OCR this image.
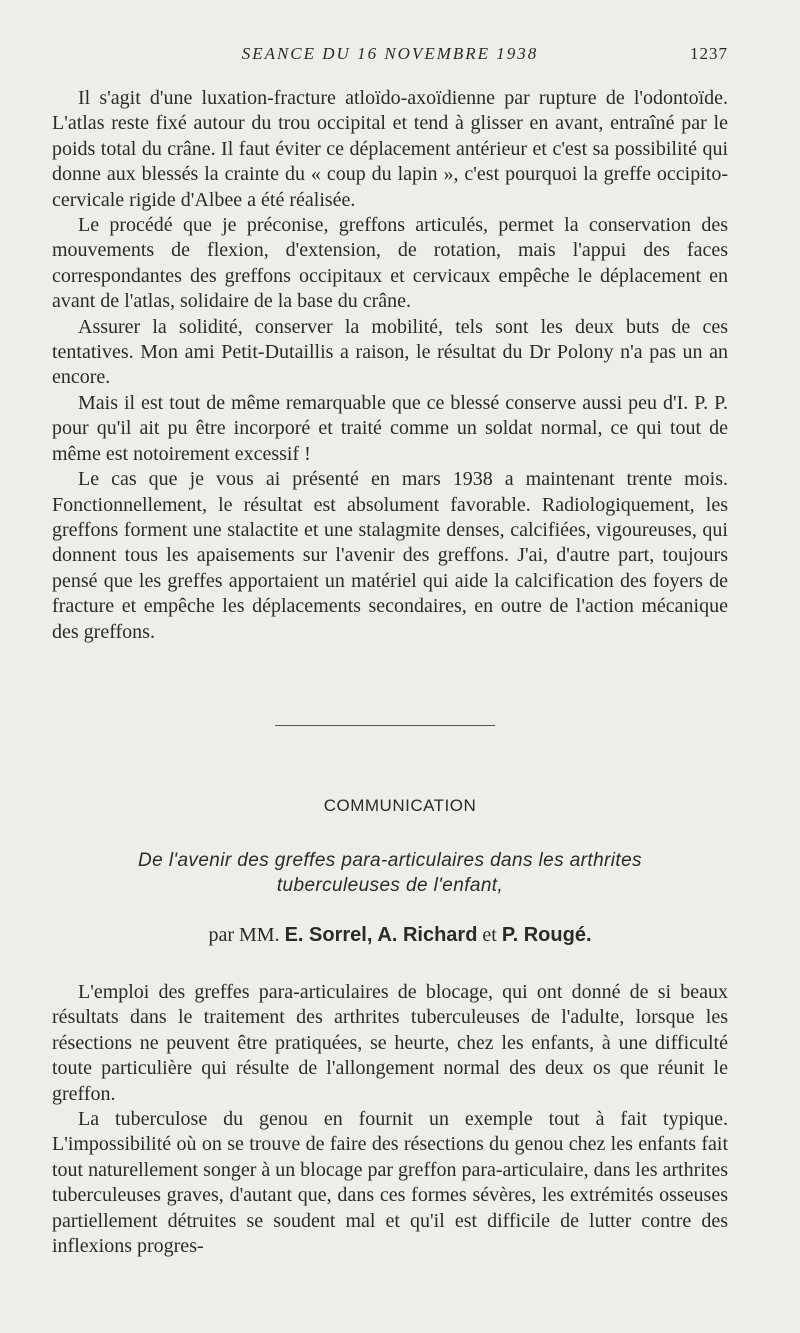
SEANCE DU 16 NOVEMBRE 1938	1237

Il s'agit d'une luxation-fracture atloïdo-axoïdienne par rupture de l'odontoïde. L'atlas reste fixé autour du trou occipital et tend à glisser en avant, entraîné par le poids total du crâne. Il faut éviter ce déplacement antérieur et c'est sa possibilité qui donne aux blessés la crainte du « coup du lapin », c'est pourquoi la greffe occipito-cervicale rigide d'Albee a été réalisée.

Le procédé que je préconise, greffons articulés, permet la conservation des mouvements de flexion, d'extension, de rotation, mais l'appui des faces correspondantes des greffons occipitaux et cervicaux empêche le déplacement en avant de l'atlas, solidaire de la base du crâne.

Assurer la solidité, conserver la mobilité, tels sont les deux buts de ces tentatives. Mon ami Petit-Dutaillis a raison, le résultat du Dr Polony n'a pas un an encore.

Mais il est tout de même remarquable que ce blessé conserve aussi peu d'I. P. P. pour qu'il ait pu être incorporé et traité comme un soldat normal, ce qui tout de même est notoirement excessif !

Le cas que je vous ai présenté en mars 1938 a maintenant trente mois. Fonctionnellement, le résultat est absolument favorable. Radiologiquement, les greffons forment une stalactite et une stalagmite denses, calcifiées, vigoureuses, qui donnent tous les apaisements sur l'avenir des greffons. J'ai, d'autre part, toujours pensé que les greffes apportaient un matériel qui aide la calcification des foyers de fracture et empêche les déplacements secondaires, en outre de l'action mécanique des greffons.

COMMUNICATION
De l'avenir des greffes para-articulaires dans les arthrites
tuberculeuses de l'enfant,
par MM. E. Sorrel, A. Richard et P. Rougé.

L'emploi des greffes para-articulaires de blocage, qui ont donné de si beaux résultats dans le traitement des arthrites tuberculeuses de l'adulte, lorsque les résections ne peuvent être pratiquées, se heurte, chez les enfants, à une difficulté toute particulière qui résulte de l'allongement normal des deux os que réunit le greffon.

La tuberculose du genou en fournit un exemple tout à fait typique. L'impossibilité où on se trouve de faire des résections du genou chez les enfants fait tout naturellement songer à un blocage par greffon para-articulaire, dans les arthrites tuberculeuses graves, d'autant que, dans ces formes sévères, les extrémités osseuses partiellement détruites se soudent mal et qu'il est difficile de lutter contre des inflexions progres-
